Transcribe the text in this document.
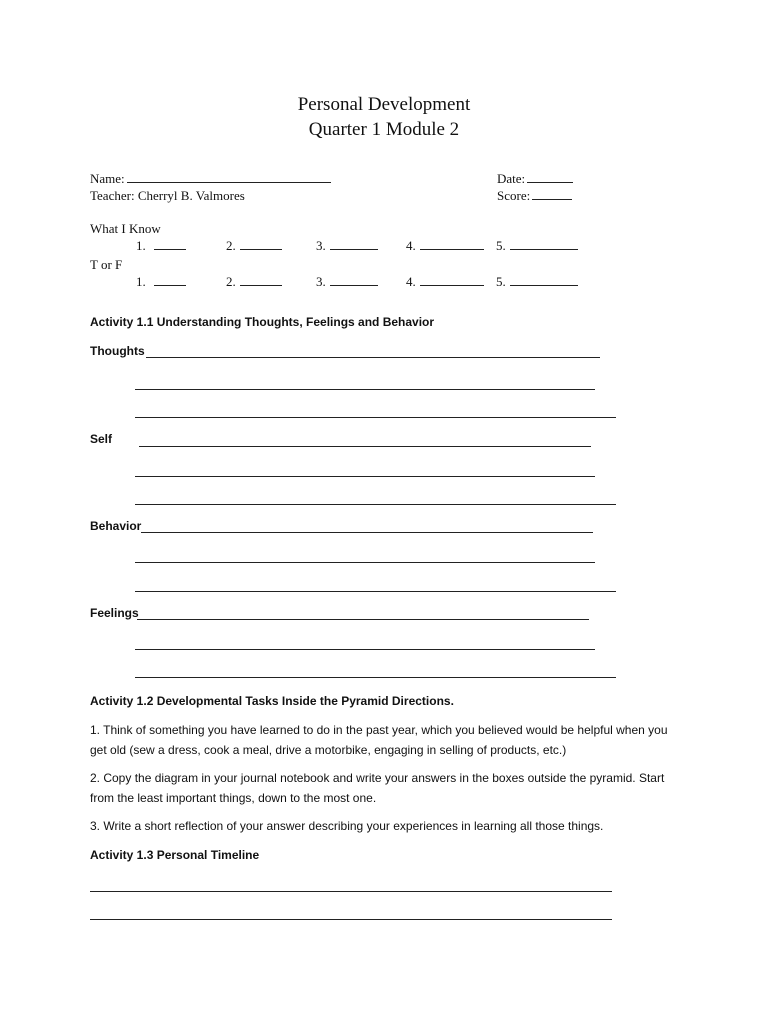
Personal Development
Quarter 1 Module 2
Name:
Teacher: Cherryl B. Valmores
Date:
Score:
What I Know
1.	2.	3.	4.	5.
T or F
1.	2.	3.	4.	5.
Activity 1.1 Understanding Thoughts, Feelings and Behavior
Thoughts
Self
Behavior
Feelings
Activity 1.2 Developmental Tasks Inside the Pyramid Directions.
1. Think of something you have learned to do in the past year, which you believed would be helpful when you get old (sew a dress, cook a meal, drive a motorbike, engaging in selling of products, etc.)
2. Copy the diagram in your journal notebook and write your answers in the boxes outside the pyramid. Start from the least important things, down to the most one.
3. Write a short reflection of your answer describing your experiences in learning all those things.
Activity 1.3 Personal Timeline
